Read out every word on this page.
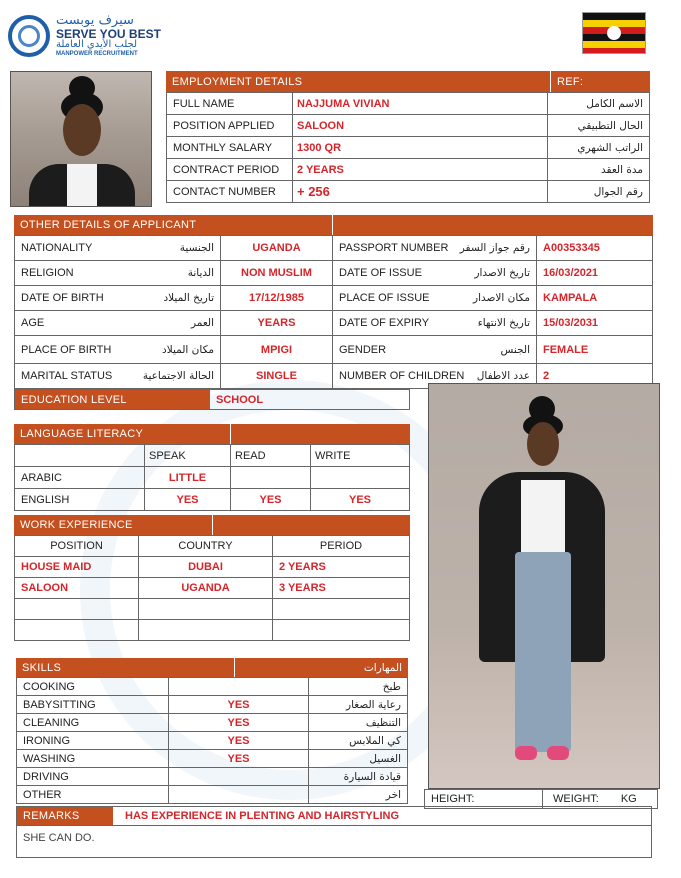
سيرف يوبست
SERVE YOU BEST
لجلب الأيدي العاملة
MANPOWER RECRUITMENT
EMPLOYMENT DETAILS	REF:
FULL NAME	NAJJUMA VIVIAN	الاسم الكامل
POSITION APPLIED	SALOON	الحال التطبيقي
MONTHLY SALARY	1300 QR	الراتب الشهري
CONTRACT PERIOD	2 YEARS	مدة العقد
CONTACT NUMBER	+ 256	رقم الجوال
OTHER DETAILS OF APPLICANT
NATIONALITY الجنسية	UGANDA	PASSPORT NUMBER رقم جواز السفر	A00353345

RELIGION الديانة	NON MUSLIM	DATE OF ISSUE تاريخ الاصدار	16/03/2021

DATE OF BIRTH تاريخ الميلاد	17/12/1985	PLACE OF ISSUE مكان الاصدار	KAMPALA

AGE العمر	YEARS	DATE OF EXPIRY تاريخ الانتهاء	15/03/2031

PLACE OF BIRTH مكان الميلاد	MPIGI	GENDER الجنس	FEMALE

MARITAL STATUS الحالة الاجتماعية	SINGLE	NUMBER OF CHILDREN عدد الاطفال	2
EDUCATION LEVEL	SCHOOL
LANGUAGE LITERACY
	SPEAK	READ	WRITE
ARABIC	LITTLE		
ENGLISH	YES	YES	YES
WORK EXPERIENCE
POSITION	COUNTRY	PERIOD
HOUSE MAID	DUBAI	2 YEARS
SALOON	UGANDA	3 YEARS

SKILLS	المهارات
COOKING		طبخ
BABYSITTING	YES	رعاية الصغار
CLEANING	YES	التنظيف
IRONING	YES	كي الملابس
WASHING	YES	الغسيل
DRIVING		قيادة السيارة
OTHER		اخر
REMARKS	HAS EXPERIENCE IN PLENTING AND HAIRSTYLING
SHE CAN DO.
HEIGHT:	WEIGHT:	KG
